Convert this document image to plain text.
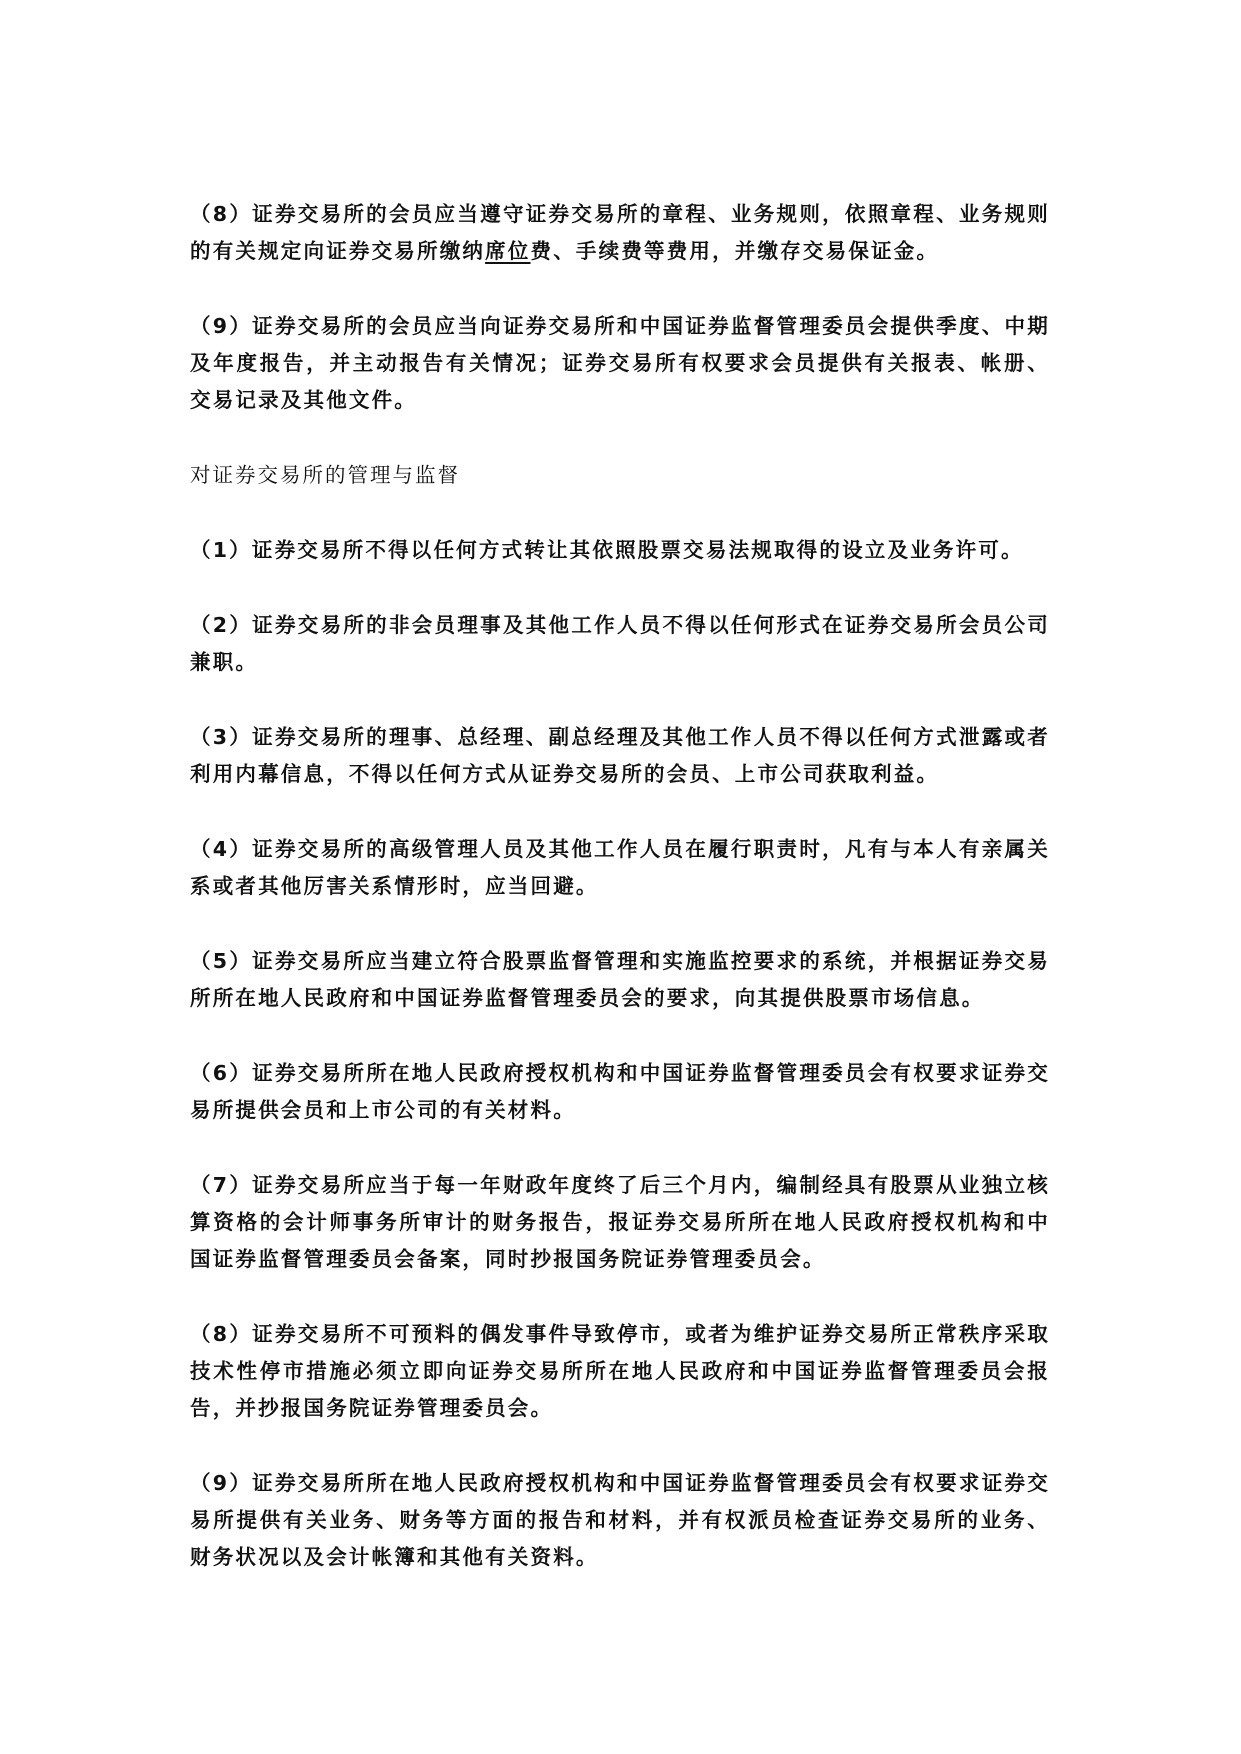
（8）证券交易所的会员应当遵守证券交易所的章程、业务规则，依照章程、业务规则的有关规定向证券交易所缴纳席位费、手续费等费用，并缴存交易保证金。

（9）证券交易所的会员应当向证券交易所和中国证券监督管理委员会提供季度、中期及年度报告，并主动报告有关情况；证券交易所有权要求会员提供有关报表、帐册、交易记录及其他文件。

对证券交易所的管理与监督

（1）证券交易所不得以任何方式转让其依照股票交易法规取得的设立及业务许可。

（2）证券交易所的非会员理事及其他工作人员不得以任何形式在证券交易所会员公司兼职。

（3）证券交易所的理事、总经理、副总经理及其他工作人员不得以任何方式泄露或者利用内幕信息，不得以任何方式从证券交易所的会员、上市公司获取利益。

（4）证券交易所的高级管理人员及其他工作人员在履行职责时，凡有与本人有亲属关系或者其他厉害关系情形时，应当回避。

（5）证券交易所应当建立符合股票监督管理和实施监控要求的系统，并根据证券交易所所在地人民政府和中国证券监督管理委员会的要求，向其提供股票市场信息。

（6）证券交易所所在地人民政府授权机构和中国证券监督管理委员会有权要求证券交易所提供会员和上市公司的有关材料。

（7）证券交易所应当于每一年财政年度终了后三个月内，编制经具有股票从业独立核算资格的会计师事务所审计的财务报告，报证券交易所所在地人民政府授权机构和中国证券监督管理委员会备案，同时抄报国务院证券管理委员会。

（8）证券交易所不可预料的偶发事件导致停市，或者为维护证券交易所正常秩序采取技术性停市措施必须立即向证券交易所所在地人民政府和中国证券监督管理委员会报告，并抄报国务院证券管理委员会。

（9）证券交易所所在地人民政府授权机构和中国证券监督管理委员会有权要求证券交易所提供有关业务、财务等方面的报告和材料，并有权派员检查证券交易所的业务、财务状况以及会计帐簿和其他有关资料。
